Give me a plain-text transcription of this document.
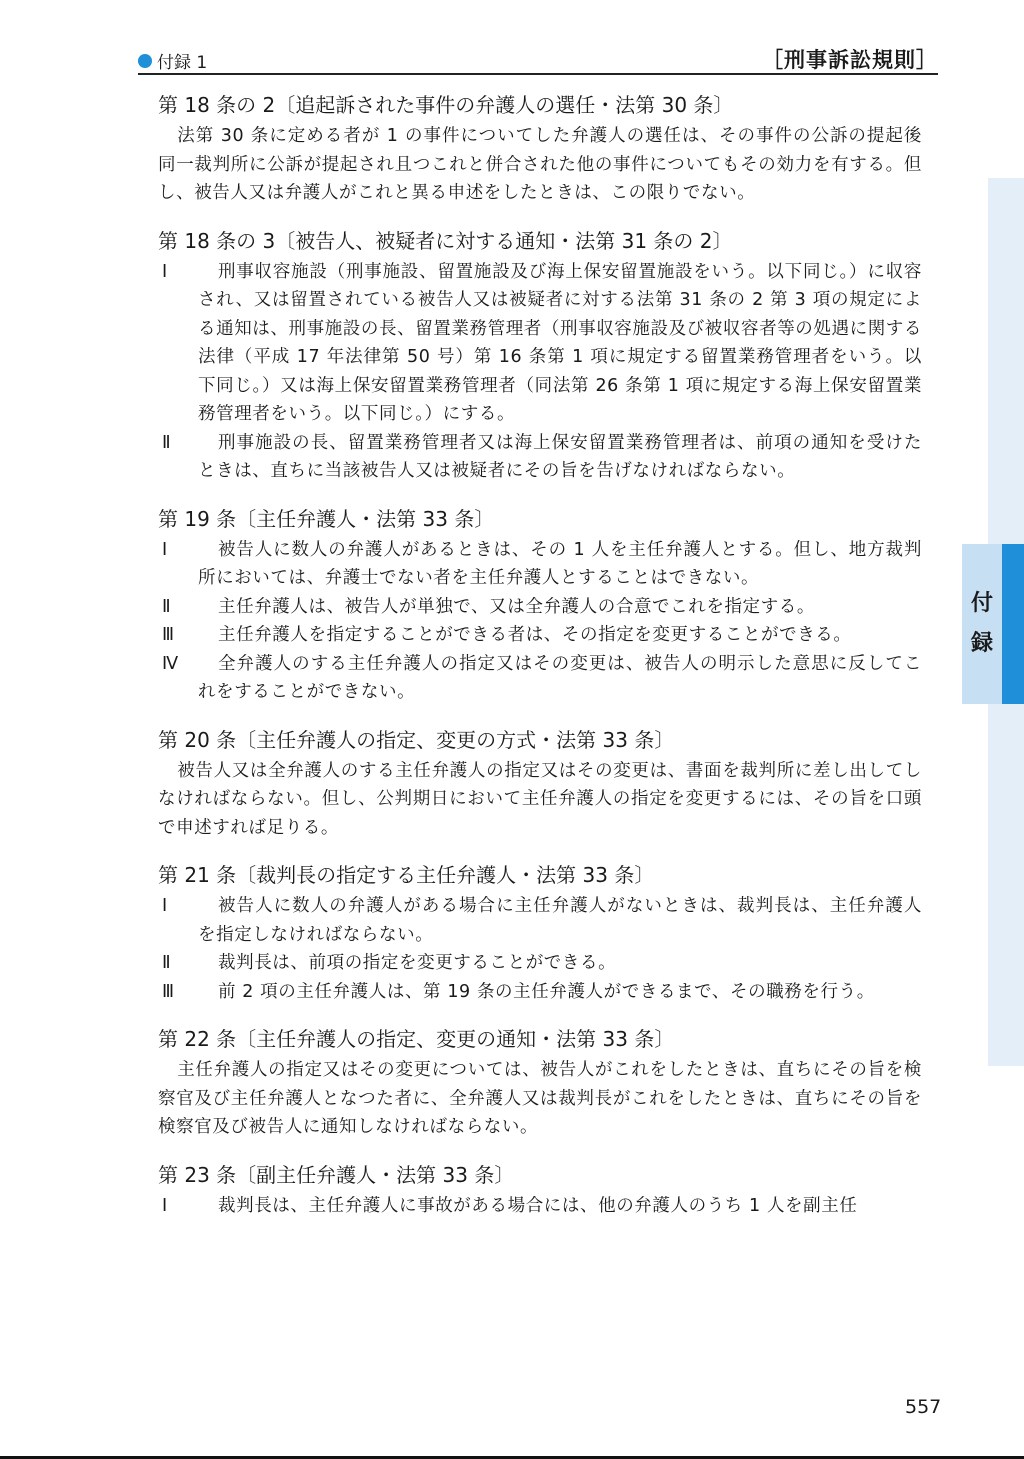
付録 1	［刑事訴訟規則］
付
録
第 18 条の 2〔追起訴された事件の弁護人の選任・法第 30 条〕

法第 30 条に定める者が 1 の事件についてした弁護人の選任は、その事件の公訴の提起後同一裁判所に公訴が提起され且つこれと併合された他の事件についてもその効力を有する。但し、被告人又は弁護人がこれと異る申述をしたときは、この限りでない。

第 18 条の 3〔被告人、被疑者に対する通知・法第 31 条の 2〕
Ⅰ	刑事収容施設（刑事施設、留置施設及び海上保安留置施設をいう。以下同じ。）に収容され、又は留置されている被告人又は被疑者に対する法第 31 条の 2 第 3 項の規定による通知は、刑事施設の長、留置業務管理者（刑事収容施設及び被収容者等の処遇に関する法律（平成 17 年法律第 50 号）第 16 条第 1 項に規定する留置業務管理者をいう。以下同じ。）又は海上保安留置業務管理者（同法第 26 条第 1 項に規定する海上保安留置業務管理者をいう。以下同じ。）にする。
Ⅱ	刑事施設の長、留置業務管理者又は海上保安留置業務管理者は、前項の通知を受けたときは、直ちに当該被告人又は被疑者にその旨を告げなければならない。
第 19 条〔主任弁護人・法第 33 条〕
Ⅰ	被告人に数人の弁護人があるときは、その 1 人を主任弁護人とする。但し、地方裁判所においては、弁護士でない者を主任弁護人とすることはできない。
Ⅱ	主任弁護人は、被告人が単独で、又は全弁護人の合意でこれを指定する。
Ⅲ	主任弁護人を指定することができる者は、その指定を変更することができる。
Ⅳ	全弁護人のする主任弁護人の指定又はその変更は、被告人の明示した意思に反してこれをすることができない。
第 20 条〔主任弁護人の指定、変更の方式・法第 33 条〕

被告人又は全弁護人のする主任弁護人の指定又はその変更は、書面を裁判所に差し出してしなければならない。但し、公判期日において主任弁護人の指定を変更するには、その旨を口頭で申述すれば足りる。

第 21 条〔裁判長の指定する主任弁護人・法第 33 条〕
Ⅰ	被告人に数人の弁護人がある場合に主任弁護人がないときは、裁判長は、主任弁護人を指定しなければならない。
Ⅱ	裁判長は、前項の指定を変更することができる。
Ⅲ	前 2 項の主任弁護人は、第 19 条の主任弁護人ができるまで、その職務を行う。
第 22 条〔主任弁護人の指定、変更の通知・法第 33 条〕

主任弁護人の指定又はその変更については、被告人がこれをしたときは、直ちにその旨を検察官及び主任弁護人となつた者に、全弁護人又は裁判長がこれをしたときは、直ちにその旨を検察官及び被告人に通知しなければならない。

第 23 条〔副主任弁護人・法第 33 条〕
Ⅰ	裁判長は、主任弁護人に事故がある場合には、他の弁護人のうち 1 人を副主任
557
